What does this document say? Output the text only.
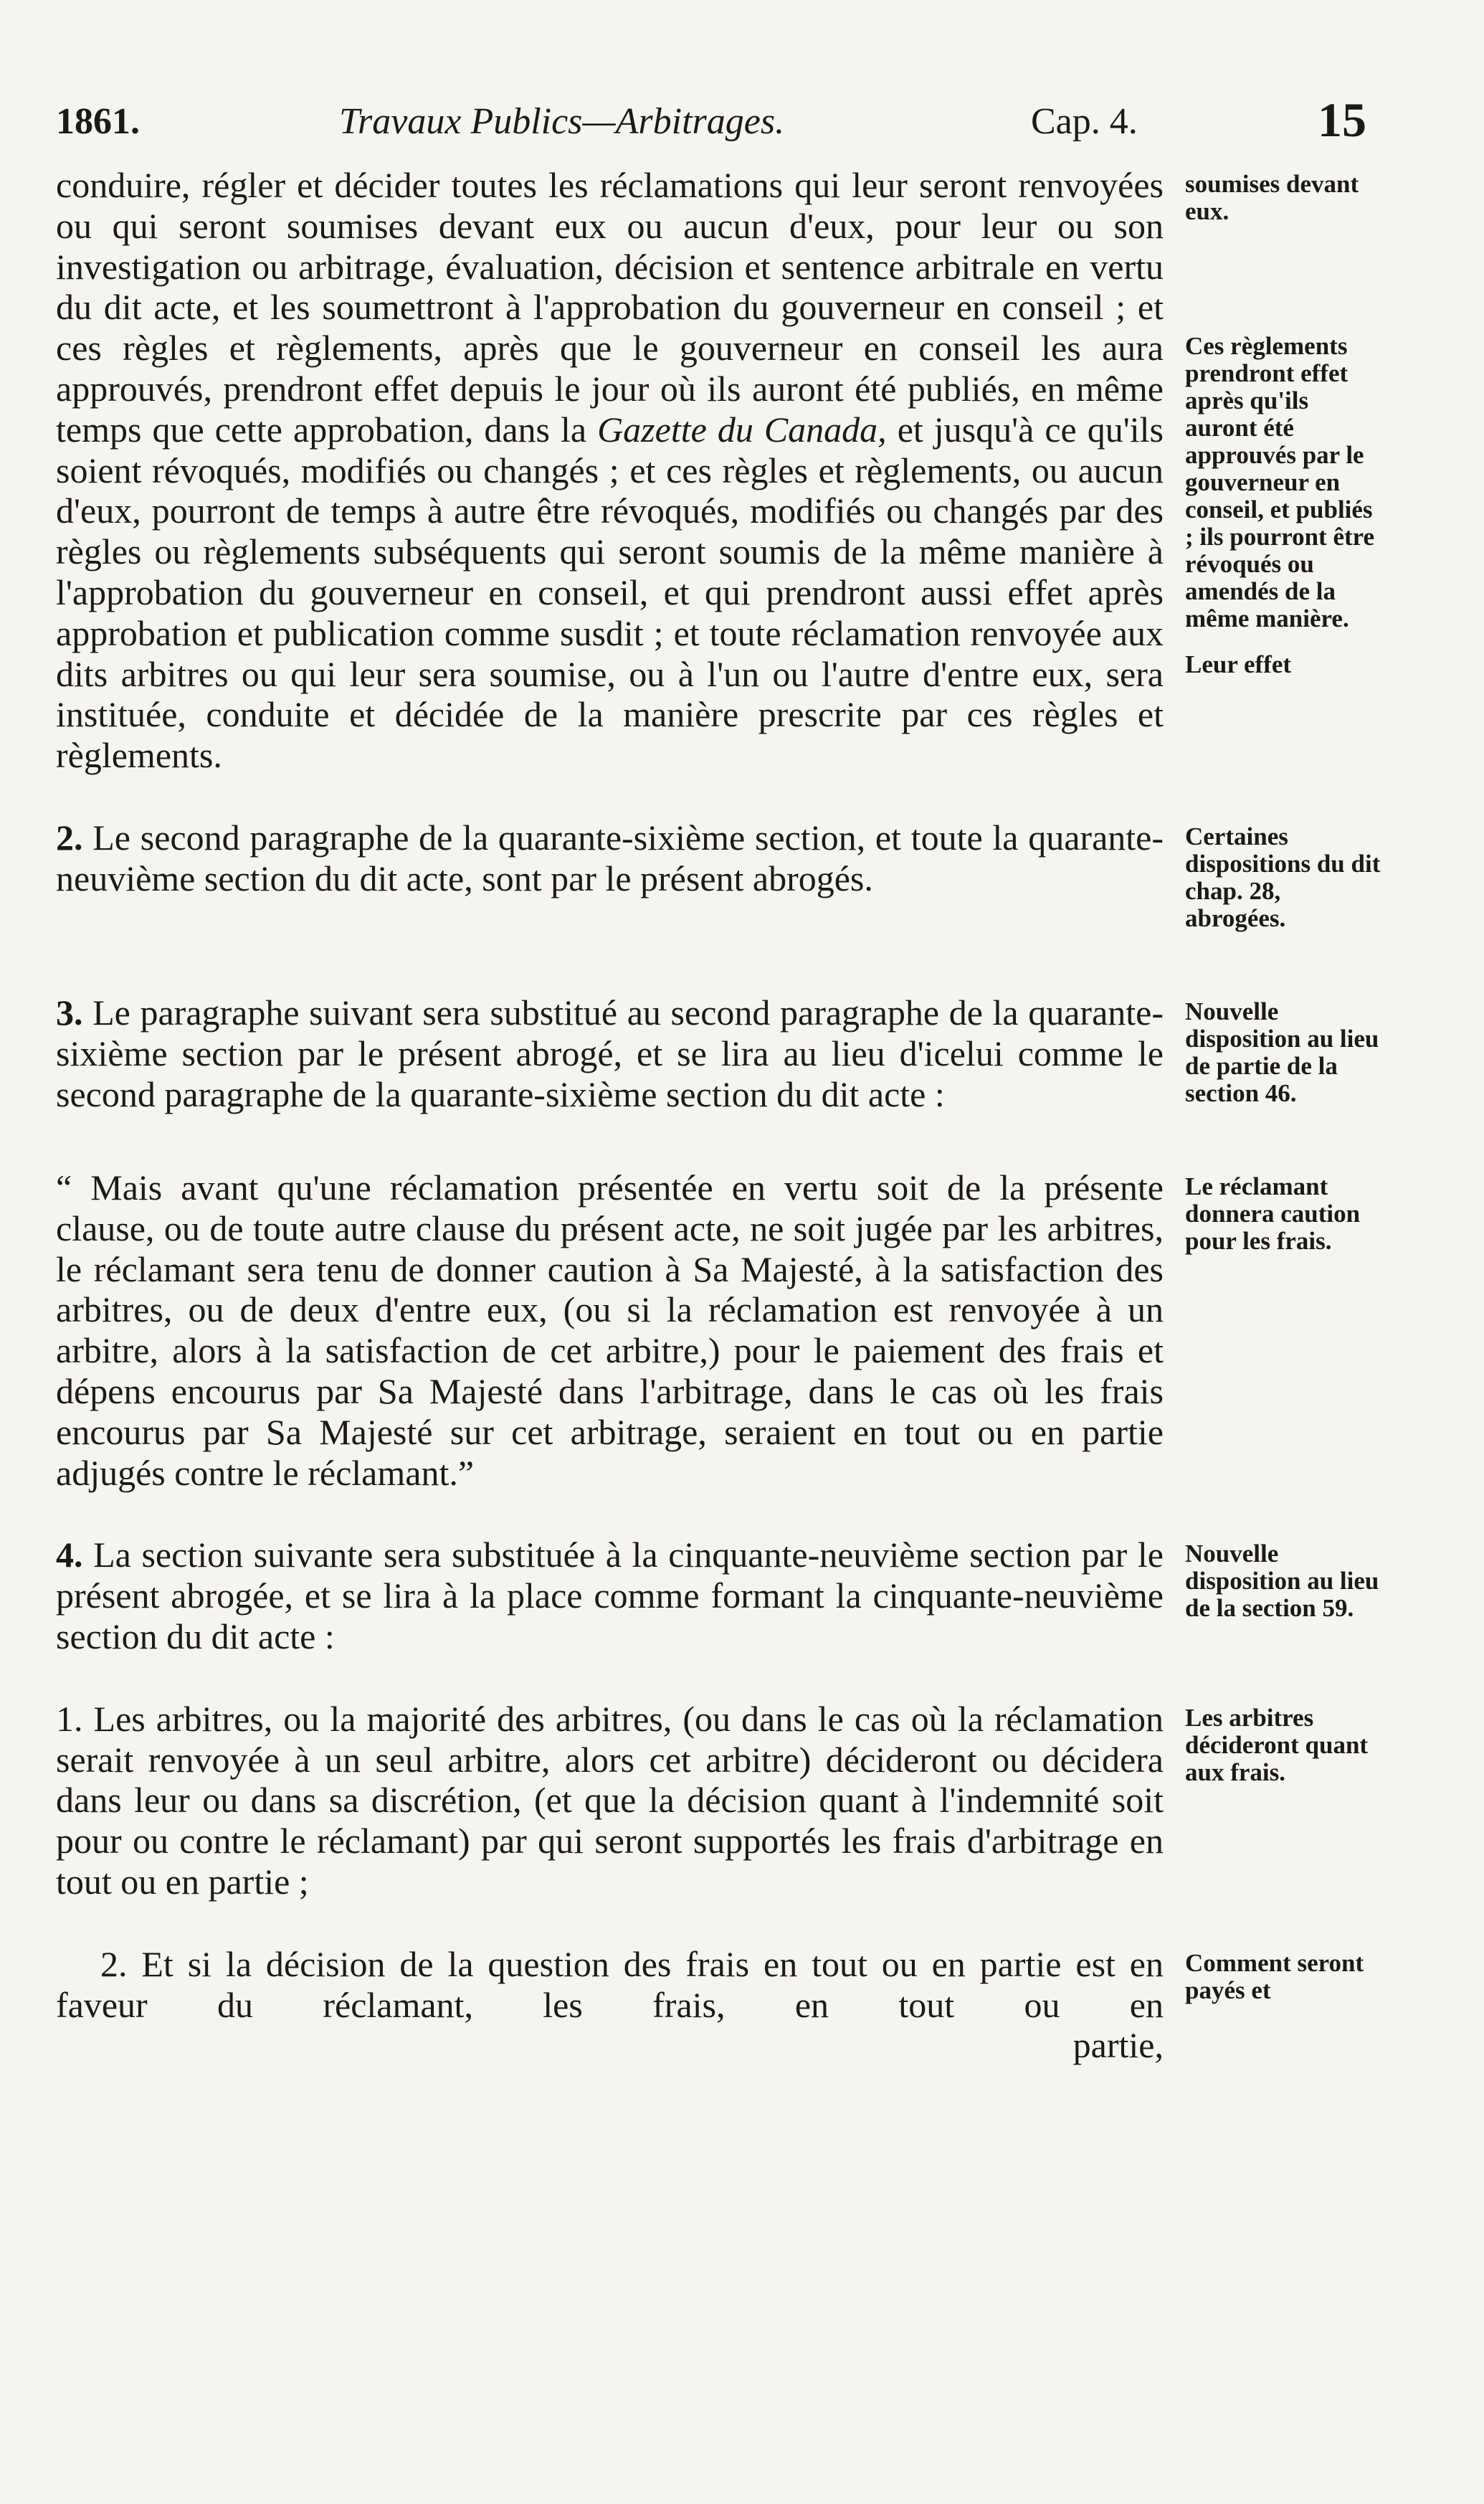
1861.	Travaux Publics—Arbitrages.	Cap. 4.	15
conduire, régler et décider toutes les réclamations qui leur seront renvoyées ou qui seront soumises devant eux ou aucun d'eux, pour leur ou son investigation ou arbitrage, évaluation, décision et sentence arbitrale en vertu du dit acte, et les soumettront à l'approbation du gouverneur en conseil ; et ces règles et règlements, après que le gouverneur en conseil les aura approuvés, prendront effet depuis le jour où ils auront été publiés, en même temps que cette approbation, dans la Gazette du Canada, et jusqu'à ce qu'ils soient révoqués, modifiés ou changés ; et ces règles et règlements, ou aucun d'eux, pourront de temps à autre être révoqués, modifiés ou changés par des règles ou règlements subséquents qui seront soumis de la même manière à l'approbation du gouverneur en conseil, et qui prendront aussi effet après approbation et publication comme susdit ; et toute réclamation renvoyée aux dits arbitres ou qui leur sera soumise, ou à l'un ou l'autre d'entre eux, sera instituée, conduite et décidée de la manière prescrite par ces règles et règlements.
soumises devant eux.
Ces règlements prendront effet après qu'ils auront été approuvés par le gouverneur en conseil, et publiés ; ils pourront être révoqués ou amendés de la même manière.
Leur effet
2. Le second paragraphe de la quarante-sixième section, et toute la quarante-neuvième section du dit acte, sont par le présent abrogés.
Certaines dispositions du dit chap. 28, abrogées.
3. Le paragraphe suivant sera substitué au second paragraphe de la quarante-sixième section par le présent abrogé, et se lira au lieu d'icelui comme le second paragraphe de la quarante-sixième section du dit acte :
Nouvelle disposition au lieu de partie de la section 46.
“ Mais avant qu'une réclamation présentée en vertu soit de la présente clause, ou de toute autre clause du présent acte, ne soit jugée par les arbitres, le réclamant sera tenu de donner caution à Sa Majesté, à la satisfaction des arbitres, ou de deux d'entre eux, (ou si la réclamation est renvoyée à un arbitre, alors à la satisfaction de cet arbitre,) pour le paiement des frais et dépens encourus par Sa Majesté dans l'arbitrage, dans le cas où les frais encourus par Sa Majesté sur cet arbitrage, seraient en tout ou en partie adjugés contre le réclamant.”
Le réclamant donnera caution pour les frais.
4. La section suivante sera substituée à la cinquante-neuvième section par le présent abrogée, et se lira à la place comme formant la cinquante-neuvième section du dit acte :
Nouvelle disposition au lieu de la section 59.
1. Les arbitres, ou la majorité des arbitres, (ou dans le cas où la réclamation serait renvoyée à un seul arbitre, alors cet arbitre) décideront ou décidera dans leur ou dans sa discrétion, (et que la décision quant à l'indemnité soit pour ou contre le réclamant) par qui seront supportés les frais d'arbitrage en tout ou en partie ;
Les arbitres décideront quant aux frais.
2. Et si la décision de la question des frais en tout ou en partie est en faveur du réclamant, les frais, en tout ou en
partie,
Comment seront payés et
